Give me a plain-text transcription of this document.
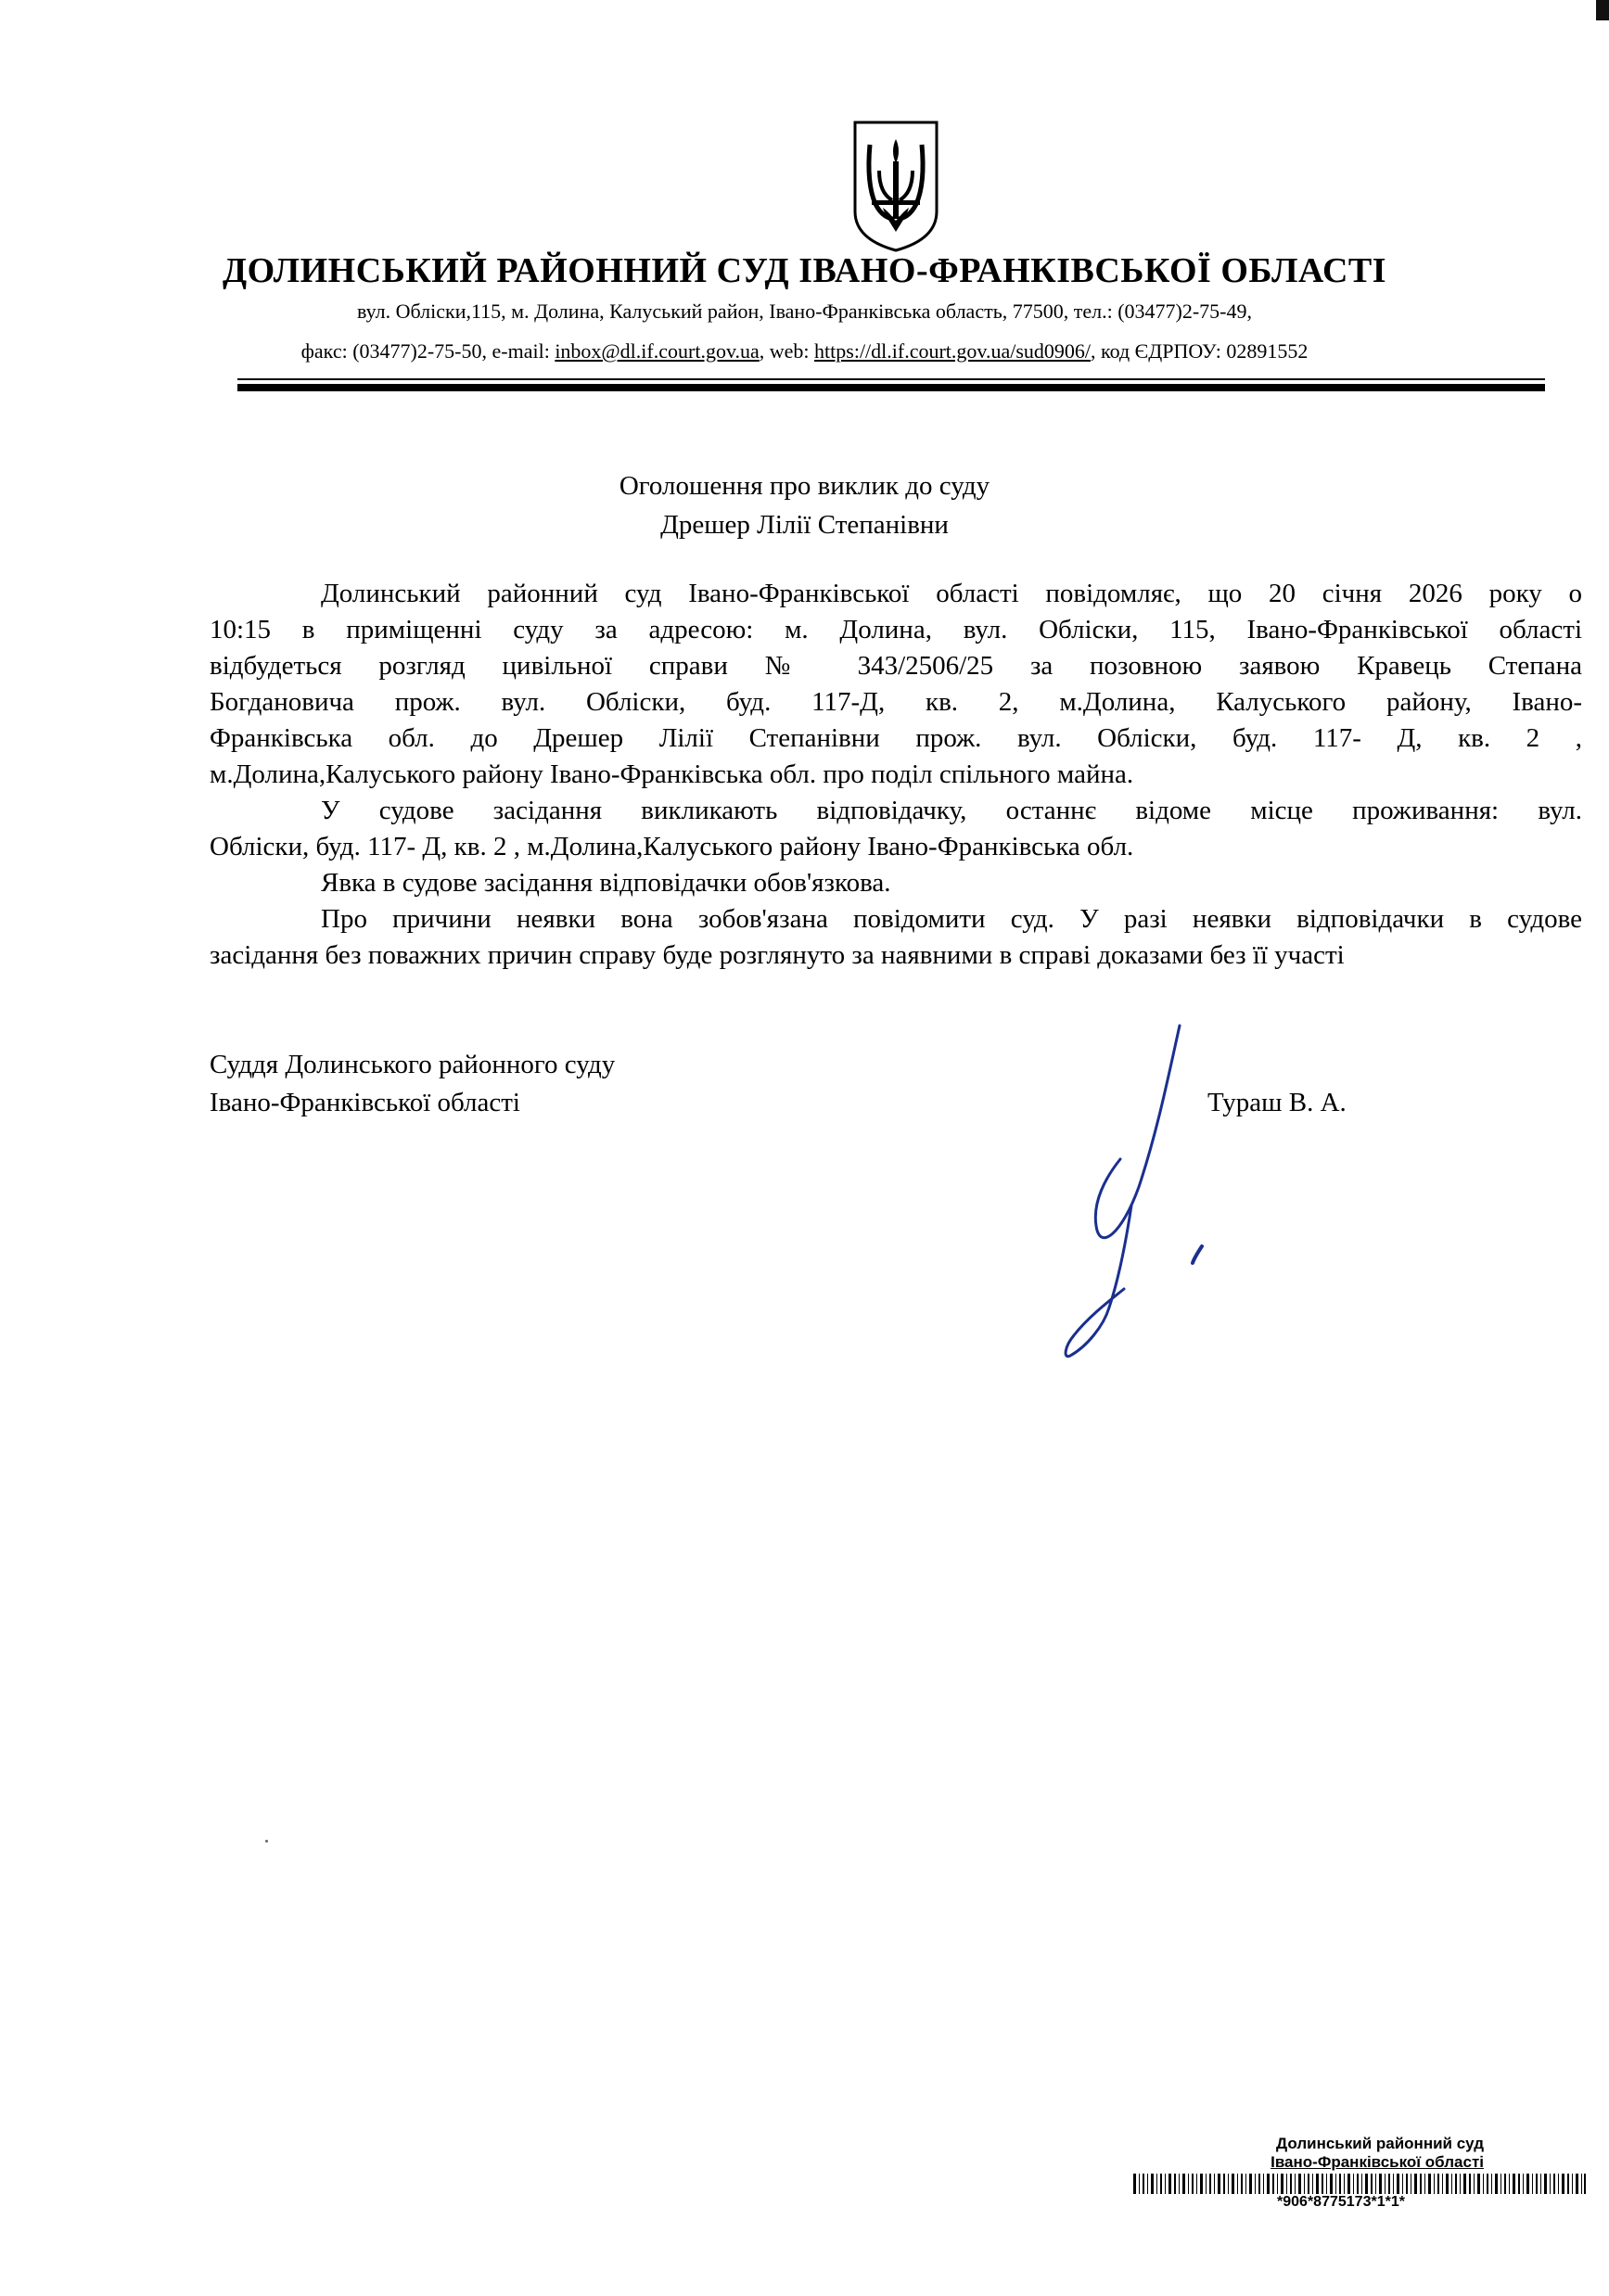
ДОЛИНСЬКИЙ РАЙОННИЙ СУД ІВАНО-ФРАНКІВСЬКОЇ ОБЛАСТІ
вул. Обліски,115, м. Долина, Калуський район, Івано-Франківська область, 77500, тел.: (03477)2-75-49,
факс: (03477)2-75-50, e-mail: inbox@dl.if.court.gov.ua, web: https://dl.if.court.gov.ua/sud0906/, код ЄДРПОУ: 02891552
Оголошення про виклик до суду
Дрешер Лілії Степанівни
Долинський районний суд Івано-Франківської області повідомляє, що 20 січня 2026 року о
10:15 в приміщенні суду за адресою: м. Долина, вул. Обліски, 115, Івано-Франківської області
відбудеться розгляд цивільної справи № 343/2506/25 за позовною заявою Кравець Степана
Богдановича прож. вул. Обліски, буд. 117-Д, кв. 2, м.Долина, Калуського району, Івано-
Франківська обл. до Дрешер Лілії Степанівни прож. вул. Обліски, буд. 117- Д, кв. 2 ,
м.Долина,Калуського району Івано-Франківська обл. про поділ спільного майна.
У судове засідання викликають відповідачку, останнє відоме місце проживання: вул.
Обліски, буд. 117- Д, кв. 2 , м.Долина,Калуського району Івано-Франківська обл.
Явка в судове засідання відповідачки обов'язкова.
Про причини неявки вона зобов'язана повідомити суд. У разі неявки відповідачки в судове
засідання без поважних причин справу буде розглянуто за наявними в справі доказами без її участі
Суддя Долинського районного суду
Івано-Франківської області	Тураш В. А.
Долинський районний суд
Івано-Франківської області
*906*8775173*1*1*
